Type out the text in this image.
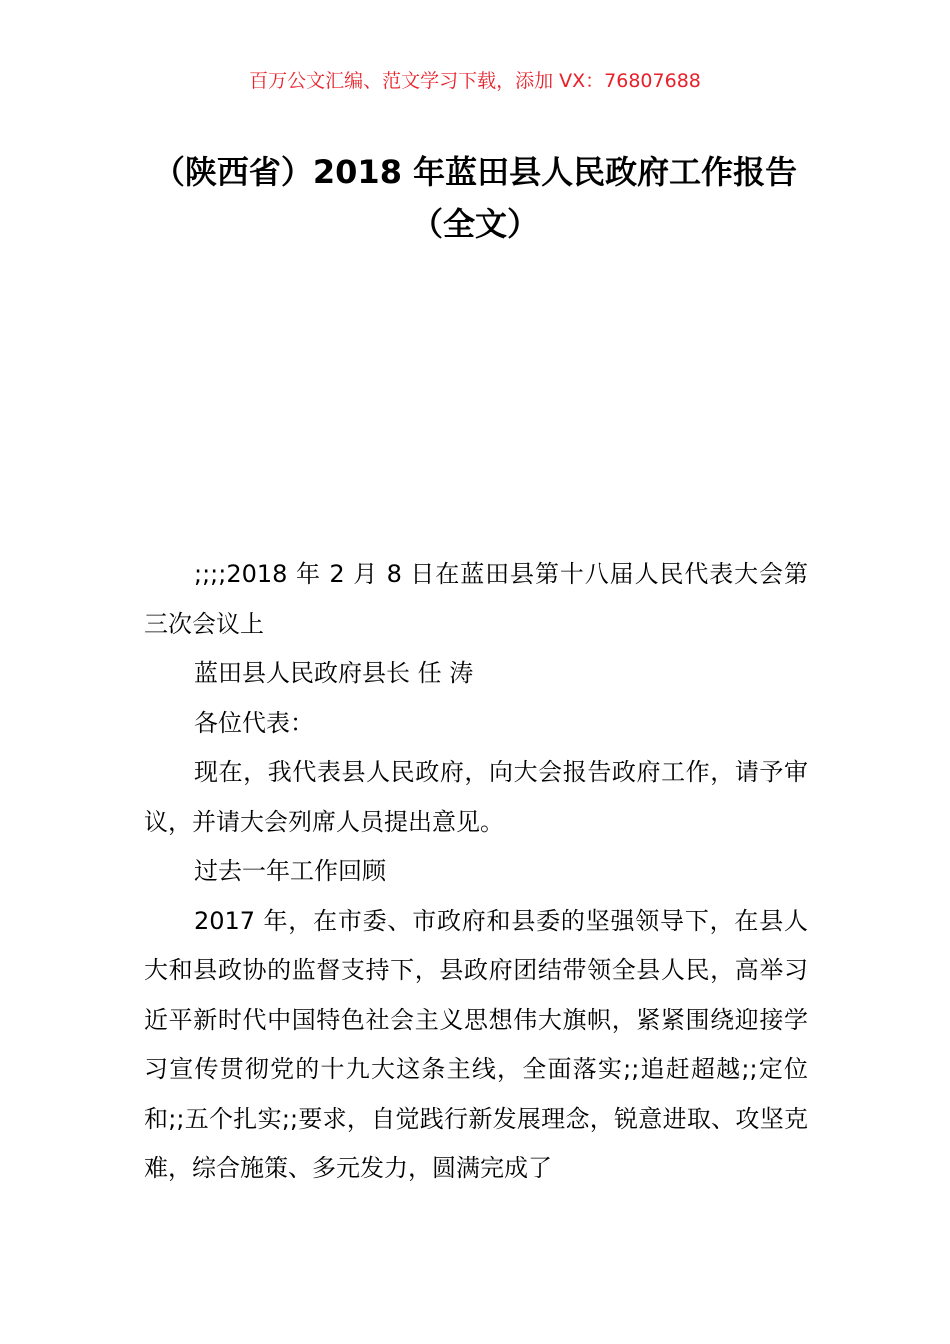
百万公文汇编、范文学习下载，添加 VX：76807688
（陕西省）2018 年蓝田县人民政府工作报告（全文）

;;;;2018 年 2 月 8 日在蓝田县第十八届人民代表大会第三次会议上

蓝田县人民政府县长 任 涛

各位代表：

现在，我代表县人民政府，向大会报告政府工作，请予审议，并请大会列席人员提出意见。

过去一年工作回顾

2017 年，在市委、市政府和县委的坚强领导下，在县人大和县政协的监督支持下，县政府团结带领全县人民，高举习近平新时代中国特色社会主义思想伟大旗帜，紧紧围绕迎接学习宣传贯彻党的十九大这条主线，全面落实;;追赶超越;;定位和;;五个扎实;;要求，自觉践行新发展理念，锐意进取、攻坚克难，综合施策、多元发力，圆满完成了
